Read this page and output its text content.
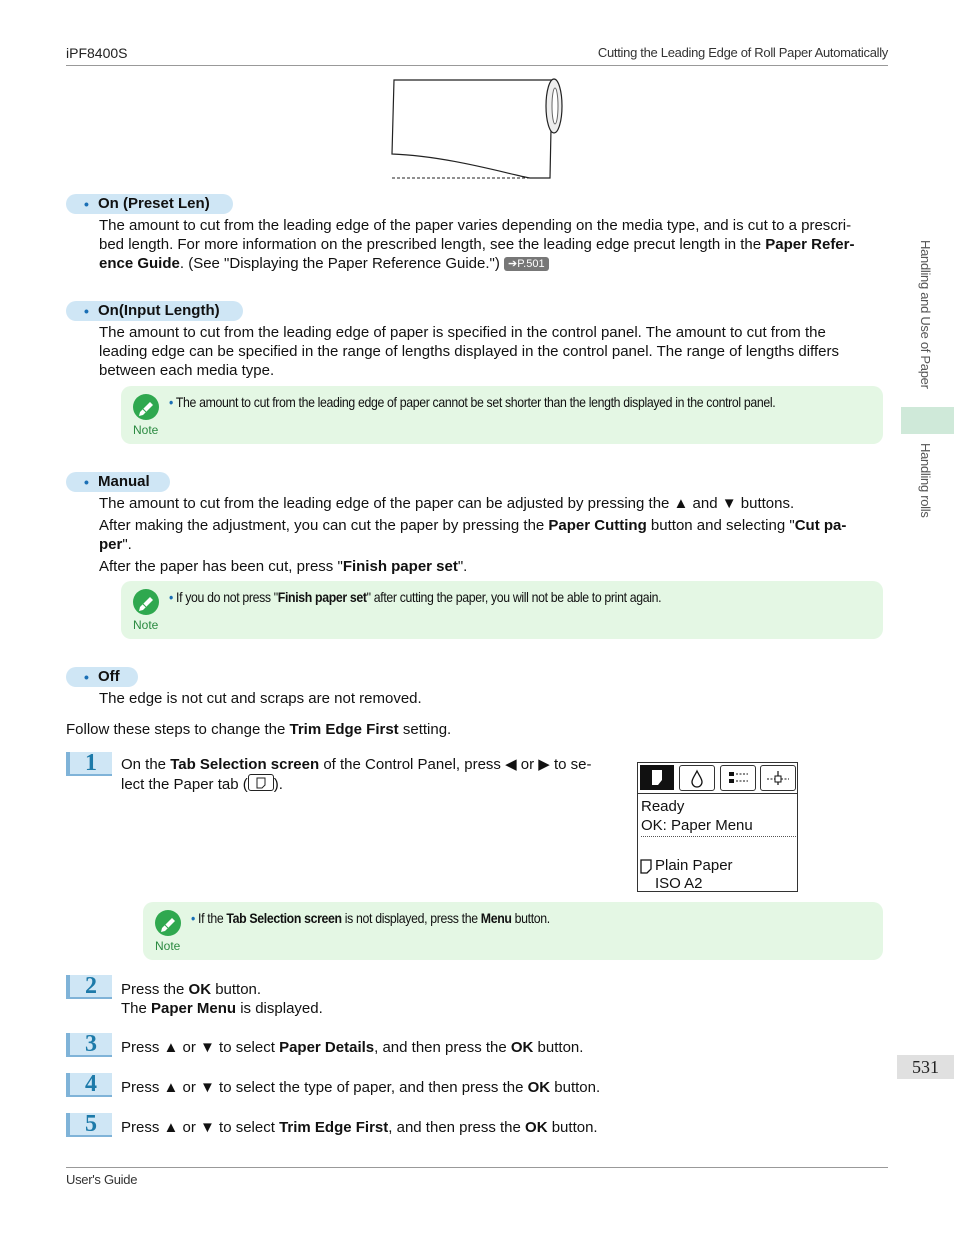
iPF8400S	Cutting the Leading Edge of Roll Paper Automatically
• On (Preset Len)
The amount to cut from the leading edge of the paper varies depending on the media type, and is cut to a prescri-
bed length. For more information on the prescribed length, see the leading edge precut length in the Paper Refer-
ence Guide. (See "Displaying the Paper Reference Guide.") ➔P.501
• On(Input Length)
The amount to cut from the leading edge of paper is specified in the control panel. The amount to cut from the
leading edge can be specified in the range of lengths displayed in the control panel. The range of lengths differs
between each media type.
Note
• The amount to cut from the leading edge of paper cannot be set shorter than the length displayed in the control panel.
• Manual
The amount to cut from the leading edge of the paper can be adjusted by pressing the ▲ and ▼ buttons.
After making the adjustment, you can cut the paper by pressing the Paper Cutting button and selecting "Cut pa-
per".
After the paper has been cut, press "Finish paper set".
Note
• If you do not press "Finish paper set" after cutting the paper, you will not be able to print again.
• Off
The edge is not cut and scraps are not removed.
Follow these steps to change the Trim Edge First setting.
1	On the Tab Selection screen of the Control Panel, press ◀ or ▶ to se-
lect the Paper tab ( ).
Ready
OK: Paper Menu
Plain Paper
ISO A2
Note
• If the Tab Selection screen is not displayed, press the Menu button.
2	Press the OK button.
The Paper Menu is displayed.
3	Press ▲ or ▼ to select Paper Details, and then press the OK button.
4	Press ▲ or ▼ to select the type of paper, and then press the OK button.
5	Press ▲ or ▼ to select Trim Edge First, and then press the OK button.
User's Guide
Handling and Use of Paper
Handling rolls
531
